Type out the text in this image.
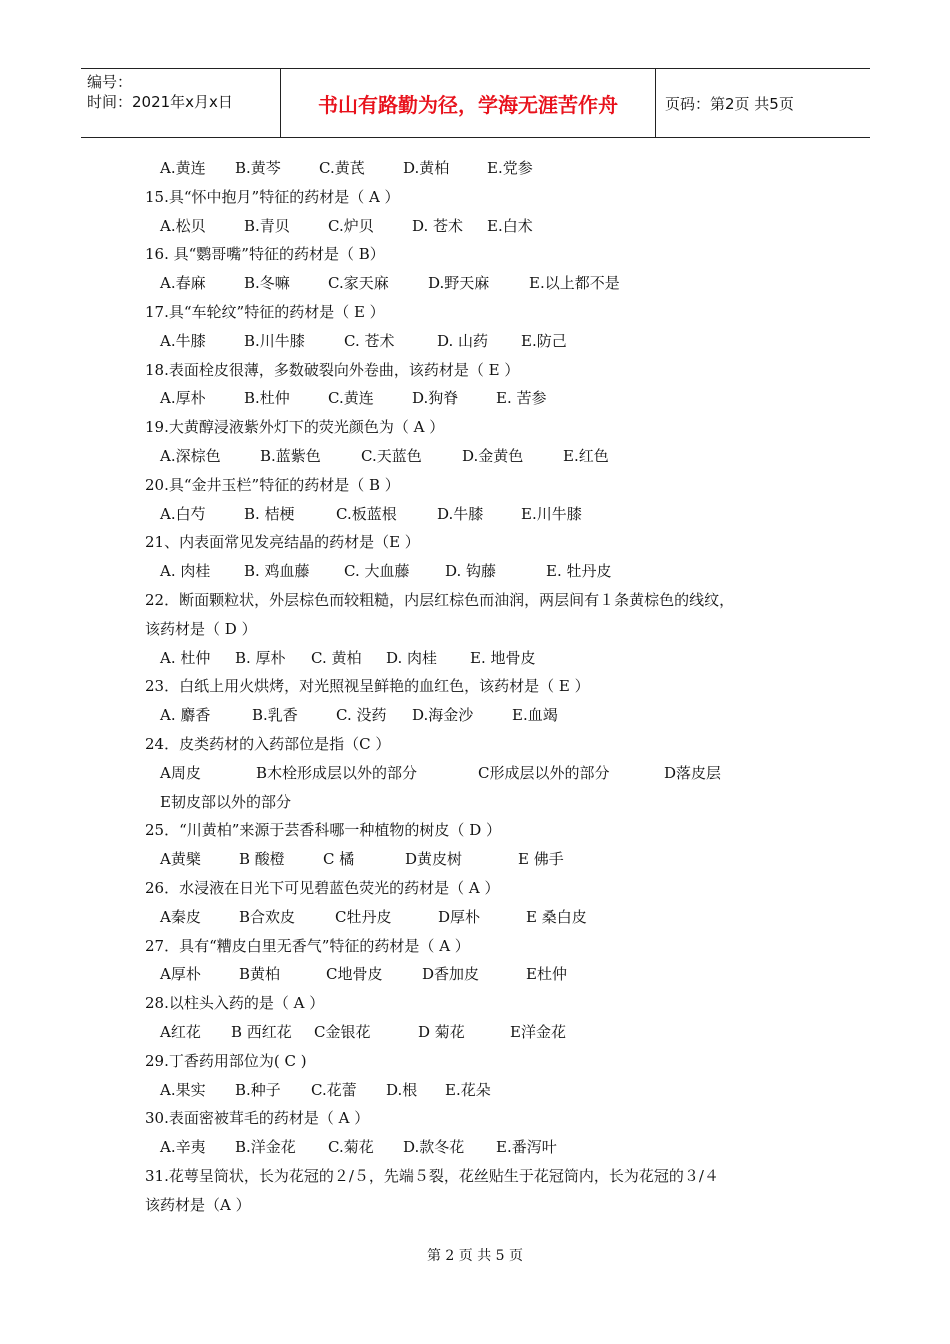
编号：
时间：2021年x月x日	书山有路勤为径，学海无涯苦作舟	页码：第2页 共5页
A.黄连 B.黄芩	C.黄芪	D.黄柏	E.党参
15.具“怀中抱月”特征的药材是（ A ）
A.松贝	B.青贝	C.炉贝	D. 苍术 E.白术
16. 具“鹦哥嘴”特征的药材是（ B）
A.春麻	B.冬嘛	C.家天麻	D.野天麻	E.以上都不是
17.具“车轮纹”特征的药材是（ E ）
A.牛膝	B.川牛膝	C. 苍术	D. 山药 E.防己
18.表面栓皮很薄，多数破裂向外卷曲，该药材是（ E ）
A.厚朴	B.杜仲	C.黄连	D.狗脊	E. 苦参
19.大黄醇浸液紫外灯下的荧光颜色为（ A ）
A.深棕色	B.蓝紫色	C.天蓝色	D.金黄色	E.红色
20.具“金井玉栏”特征的药材是（ B ）
A.白芍	B. 桔梗	C.板蓝根	D.牛膝	E.川牛膝
21、内表面常见发亮结晶的药材是（E ）
A. 肉桂 B. 鸡血藤 C. 大血藤 D. 钩藤	E. 牡丹皮
22．断面颗粒状，外层棕色而较粗糙，内层红棕色而油润，两层间有１条黄棕色的线纹，
该药材是（ D ）
A. 杜仲 B. 厚朴 C. 黄柏 D. 肉桂 E. 地骨皮
23．白纸上用火烘烤，对光照视呈鲜艳的血红色，该药材是（ E ）
A. 麝香	B.乳香	C. 没药 D.海金沙	E.血竭
24．皮类药材的入药部位是指（C ）
A周皮	B木栓形成层以外的部分	C形成层以外的部分	D落皮层
E韧皮部以外的部分
25．“川黄柏”来源于芸香科哪一种植物的树皮（ D ）
A黄檗	B 酸橙	C 橘	D黄皮树	E 佛手
26．水浸液在日光下可见碧蓝色荧光的药材是（ A ）
A秦皮	B合欢皮	C牡丹皮	D厚朴	E 桑白皮
27．具有“糟皮白里无香气”特征的药材是（ A ）
A厚朴	B黄柏	C地骨皮	D香加皮	E杜仲
28.以柱头入药的是（ A ）
A红花 B 西红花 C金银花	D 菊花	E洋金花
29.丁香药用部位为( C )
A.果实 B.种子 C.花蕾 D.根 E.花朵
30.表面密被茸毛的药材是（ A ）
A.辛夷 B.洋金花 C.菊花 D.款冬花 E.番泻叶
31.花萼呈筒状，长为花冠的２/５，先端５裂，花丝贴生于花冠筒内，长为花冠的３/４
该药材是（A ）
第 2 页 共 5 页
